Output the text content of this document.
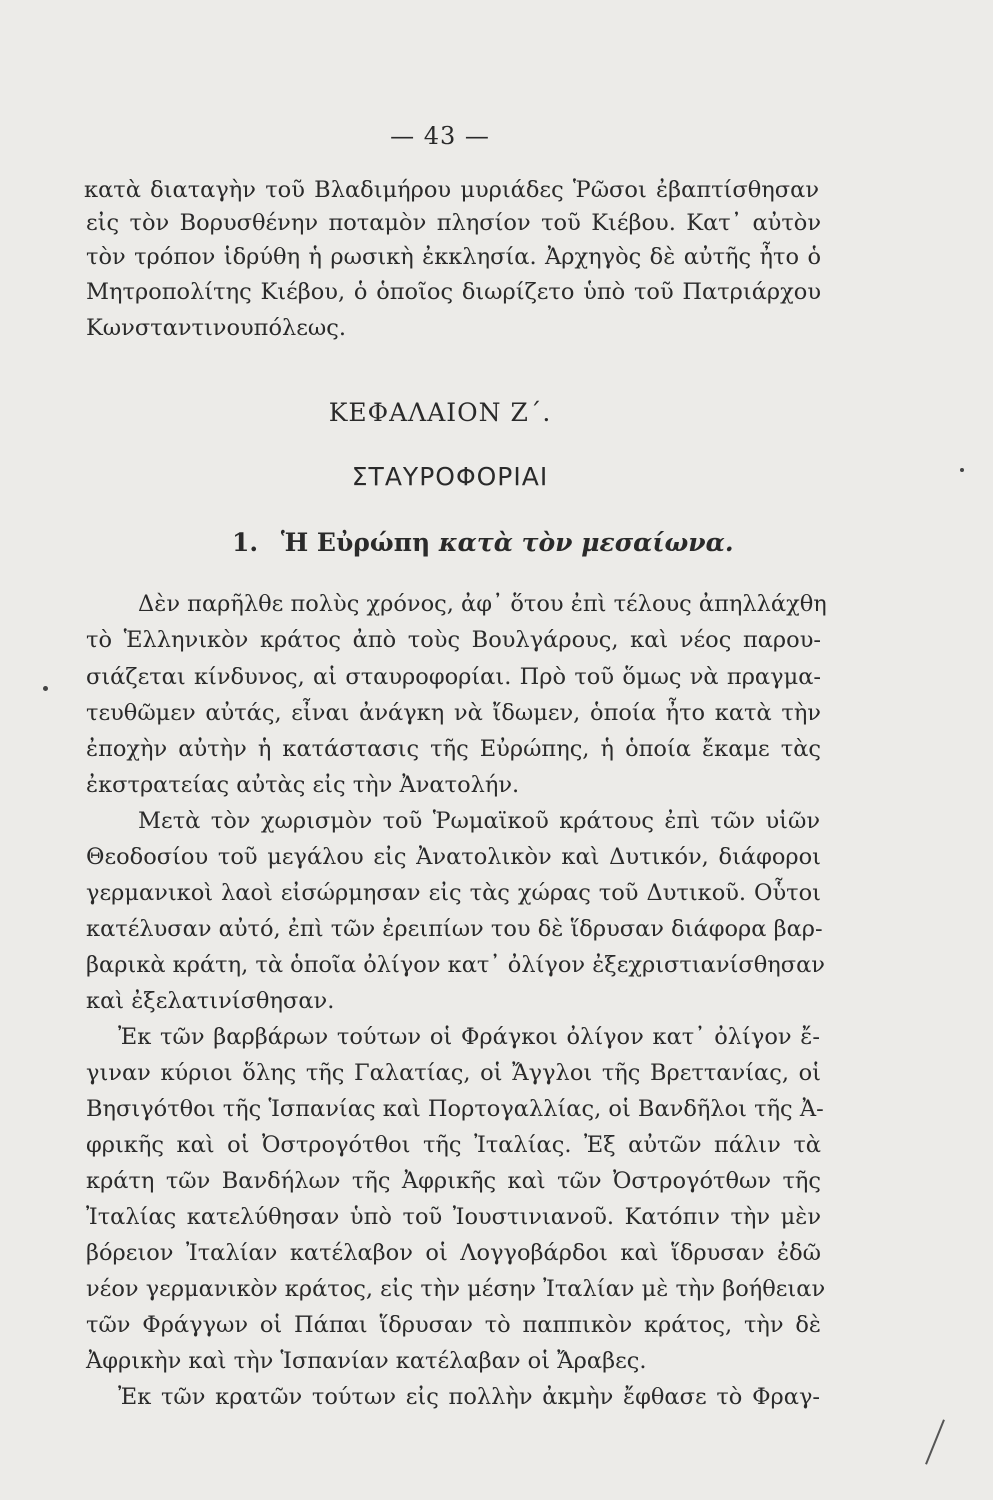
— 43 —
κατὰ διαταγὴν τοῦ Βλαδιμήρου μυριάδες Ῥῶσοι ἐβαπτίσθησαν
εἰς τὸν Βορυσθένην ποταμὸν πλησίον τοῦ Κιέβου. Κατ᾿ αὐτὸν
τὸν τρόπον ἱδρύθη ἡ ρωσικὴ ἐκκλησία. Ἀρχηγὸς δὲ αὐτῆς ἦτο ὁ
Μητροπολίτης Κιέβου, ὁ ὁποῖος διωρίζετο ὑπὸ τοῦ Πατριάρχου
Κωνσταντινουπόλεως.
ΚΕΦΑΛΑΙΟΝ Ζ΄.
ΣΤΑΥΡΟΦΟΡΙΑΙ
1. Ἡ Εὐρώπη κατὰ τὸν μεσαίωνα.
Δὲν παρῆλθε πολὺς χρόνος, ἀφ᾿ ὅτου ἐπὶ τέλους ἀπηλλάχθη
τὸ Ἑλληνικὸν κράτος ἀπὸ τοὺς Βουλγάρους, καὶ νέος παρου-
σιάζεται κίνδυνος, αἱ σταυροφορίαι. Πρὸ τοῦ ὅμως νὰ πραγμα-
τευθῶμεν αὐτάς, εἶναι ἀνάγκη νὰ ἴδωμεν, ὁποία ἦτο κατὰ τὴν
ἐποχὴν αὐτὴν ἡ κατάστασις τῆς Εὐρώπης, ἡ ὁποία ἔκαμε τὰς
ἐκστρατείας αὐτὰς εἰς τὴν Ἀνατολήν.
Μετὰ τὸν χωρισμὸν τοῦ Ῥωμαϊκοῦ κράτους ἐπὶ τῶν υἱῶν
Θεοδοσίου τοῦ μεγάλου εἰς Ἀνατολικὸν καὶ Δυτικόν, διάφοροι
γερμανικοὶ λαοὶ εἰσώρμησαν εἰς τὰς χώρας τοῦ Δυτικοῦ. Οὗτοι
κατέλυσαν αὐτό, ἐπὶ τῶν ἐρειπίων του δὲ ἵδρυσαν διάφορα βαρ-
βαρικὰ κράτη, τὰ ὁποῖα ὀλίγον κατ᾿ ὀλίγον ἐξεχριστιανίσθησαν
καὶ ἐξελατινίσθησαν.
Ἐκ τῶν βαρβάρων τούτων οἱ Φράγκοι ὀλίγον κατ᾿ ὀλίγον ἔ-
γιναν κύριοι ὅλης τῆς Γαλατίας, οἱ Ἄγγλοι τῆς Βρεττανίας, οἱ
Βησιγότθοι τῆς Ἱσπανίας καὶ Πορτογαλλίας, οἱ Βανδῆλοι τῆς Ἀ-
φρικῆς καὶ οἱ Ὀστρογότθοι τῆς Ἰταλίας. Ἐξ αὐτῶν πάλιν τὰ
κράτη τῶν Βανδήλων τῆς Ἀφρικῆς καὶ τῶν Ὀστρογότθων τῆς
Ἰταλίας κατελύθησαν ὑπὸ τοῦ Ἰουστινιανοῦ. Κατόπιν τὴν μὲν
βόρειον Ἰταλίαν κατέλαβον οἱ Λογγοβάρδοι καὶ ἵδρυσαν ἐδῶ
νέον γερμανικὸν κράτος, εἰς τὴν μέσην Ἰταλίαν μὲ τὴν βοήθειαν
τῶν Φράγγων οἱ Πάπαι ἵδρυσαν τὸ παππικὸν κράτος, τὴν δὲ
Ἀφρικὴν καὶ τὴν Ἱσπανίαν κατέλαβαν οἱ Ἄραβες.
Ἐκ τῶν κρατῶν τούτων εἰς πολλὴν ἀκμὴν ἔφθασε τὸ Φραγ-
